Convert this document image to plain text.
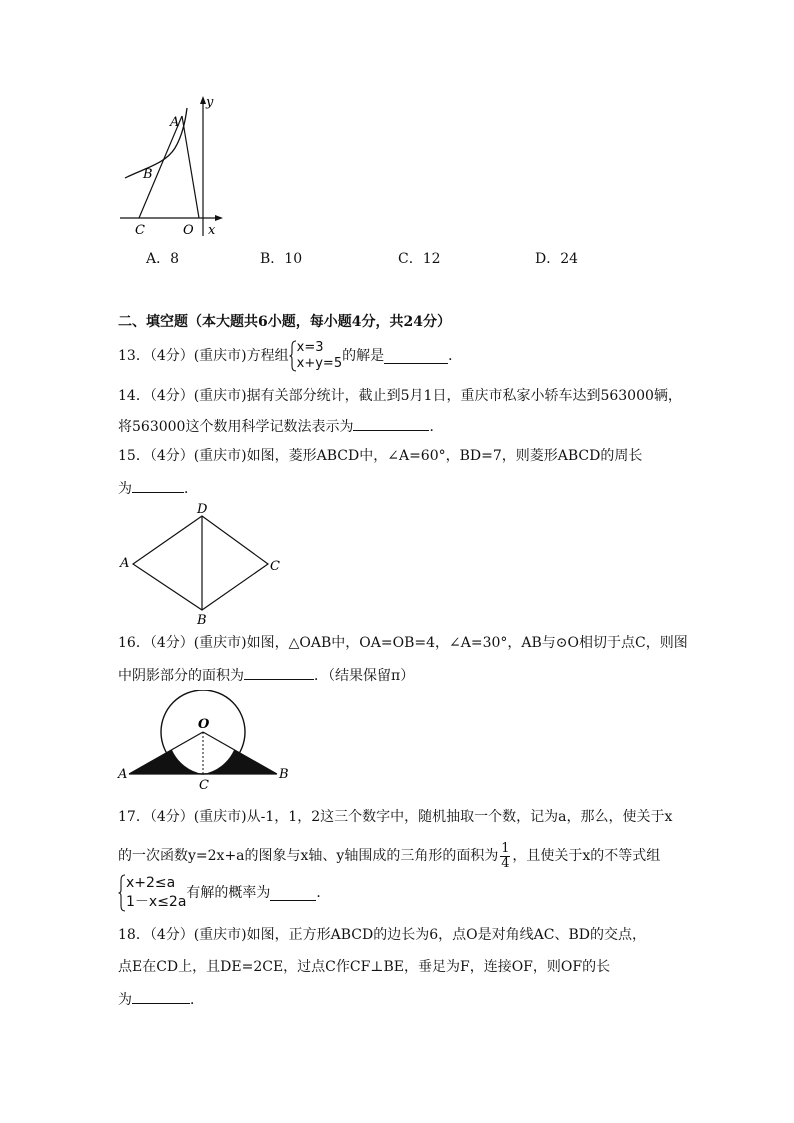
y
A
B
C	O x
A．8	B．10	C．12	D．24
二、填空题（本大题共6小题，每小题4分，共24分）
13．（4分）(重庆市)方程组
x=3
x+y=5 的解是	．
14．（4分）(重庆市)据有关部分统计，截止到5月1日，重庆市私家小轿车达到563000辆，
将563000这个数用科学记数法表示为	．
15．（4分）(重庆市)如图，菱形ABCD中，∠A=60°，BD=7，则菱形ABCD的周长
为	．
D
A	C
B
16．（4分）(重庆市)如图，△OAB中，OA=OB=4，∠A=30°，AB与⊙O相切于点C，则图
中阴影部分的面积为	．（结果保留π）
O
A	B
C
17．（4分）(重庆市)从-1，1，2这三个数字中，随机抽取一个数，记为a，那么，使关于x
的一次函数y=2x+a的图象与x轴、y轴围成的三角形的面积为 $\frac{1}{4}$ ，且使关于x的不等式组
x+2≤a
1－x≤2a
有解的概率为	．
18．（4分）(重庆市)如图，正方形ABCD的边长为6，点O是对角线AC、BD的交点，
点E在CD上，且DE=2CE，过点C作CF⊥BE，垂足为F，连接OF，则OF的长
为	．
